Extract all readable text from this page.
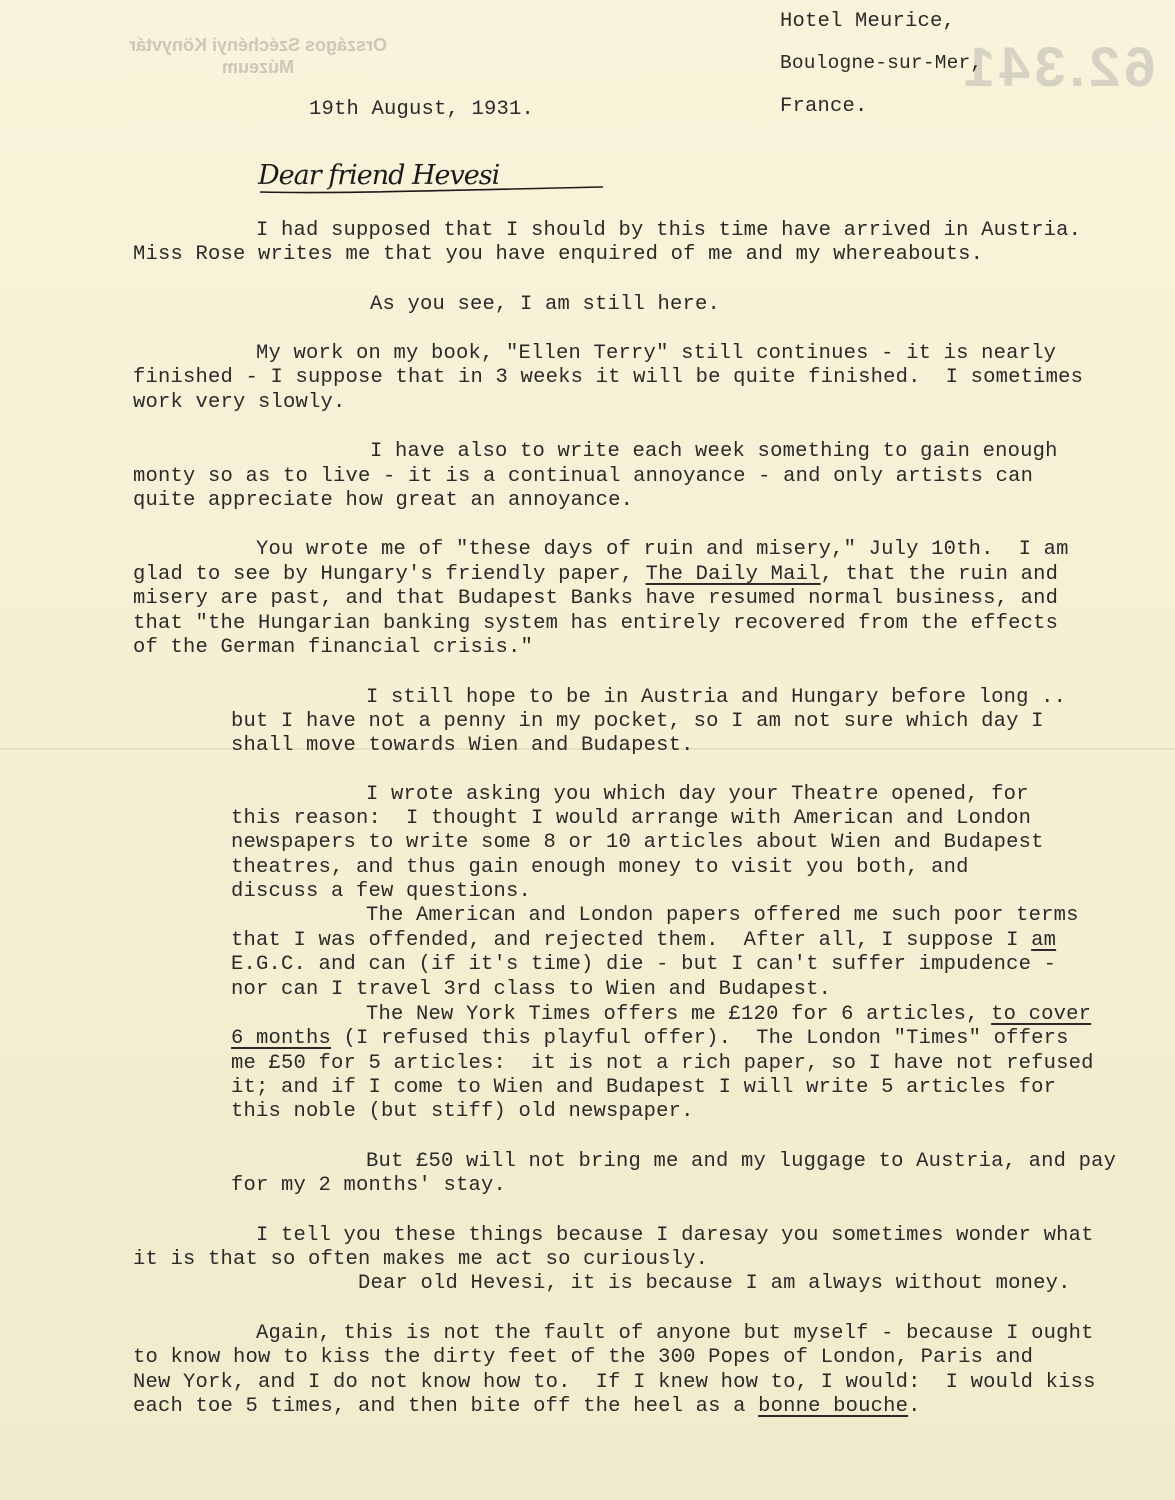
Országos Széchényi Könyvtár
Múzeum	62.341
Hotel Meurice,
Boulogne-sur-Mer,
France.
19th August, 1931.
Dear friend Hevesi
I had supposed that I should by this time have arrived in Austria.
Miss Rose writes me that you have enquired of me and my whereabouts.
As you see, I am still here.
My work on my book, "Ellen Terry" still continues - it is nearly
finished - I suppose that in 3 weeks it will be quite finished.  I sometimes
work very slowly.
I have also to write each week something to gain enough
monty so as to live - it is a continual annoyance - and only artists can
quite appreciate how great an annoyance.
You wrote me of "these days of ruin and misery," July 10th.  I am
glad to see by Hungary's friendly paper, The Daily Mail, that the ruin and
misery are past, and that Budapest Banks have resumed normal business, and
that "the Hungarian banking system has entirely recovered from the effects
of the German financial crisis."
I still hope to be in Austria and Hungary before long ..
but I have not a penny in my pocket, so I am not sure which day I
shall move towards Wien and Budapest.
I wrote asking you which day your Theatre opened, for
this reason:  I thought I would arrange with American and London
newspapers to write some 8 or 10 articles about Wien and Budapest
theatres, and thus gain enough money to visit you both, and
discuss a few questions.
The American and London papers offered me such poor terms
that I was offended, and rejected them.  After all, I suppose I am
E.G.C. and can (if it's time) die - but I can't suffer impudence -
nor can I travel 3rd class to Wien and Budapest.
The New York Times offers me £120 for 6 articles, to cover
6 months (I refused this playful offer).  The London "Times" offers
me £50 for 5 articles:  it is not a rich paper, so I have not refused
it; and if I come to Wien and Budapest I will write 5 articles for
this noble (but stiff) old newspaper.
But £50 will not bring me and my luggage to Austria, and pay
for my 2 months' stay.
I tell you these things because I daresay you sometimes wonder what
it is that so often makes me act so curiously.
Dear old Hevesi, it is because I am always without money.
Again, this is not the fault of anyone but myself - because I ought
to know how to kiss the dirty feet of the 300 Popes of London, Paris and
New York, and I do not know how to.  If I knew how to, I would:  I would kiss
each toe 5 times, and then bite off the heel as a bonne bouche.
